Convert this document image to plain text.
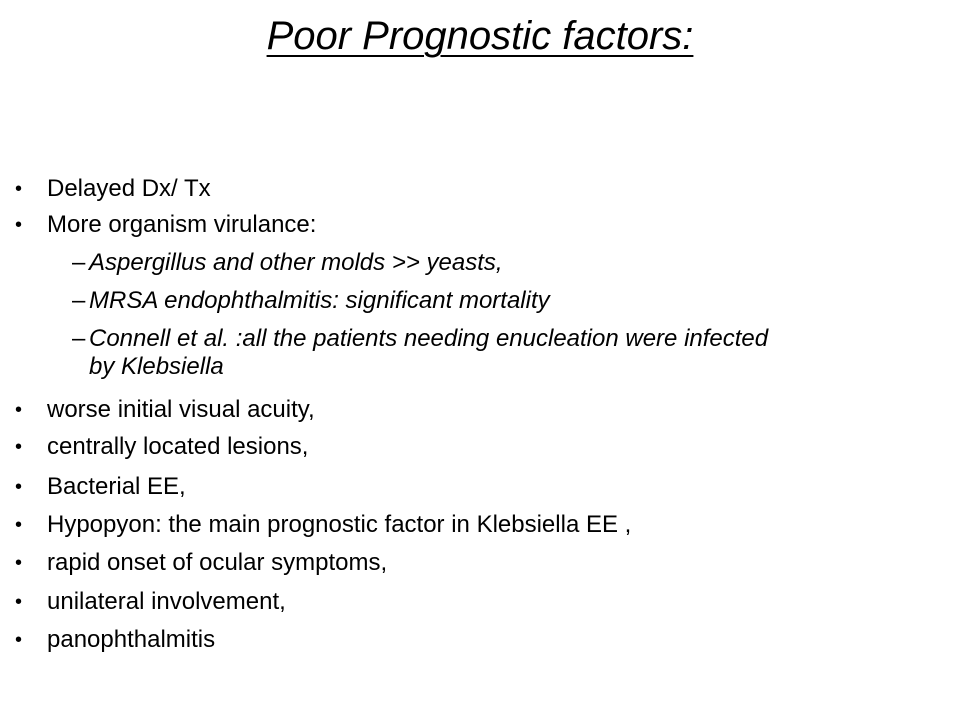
Poor Prognostic factors:
• Delayed Dx/ Tx
• More organism virulance:
– Aspergillus and other molds >> yeasts,
– MRSA endophthalmitis: significant mortality
– Connell et al. :all the patients needing enucleation were infected
by Klebsiella
• worse initial visual acuity,
• centrally located lesions,
• Bacterial EE,
• Hypopyon: the main prognostic factor in Klebsiella EE ,
• rapid onset of ocular symptoms,
• unilateral involvement,
• panophthalmitis
